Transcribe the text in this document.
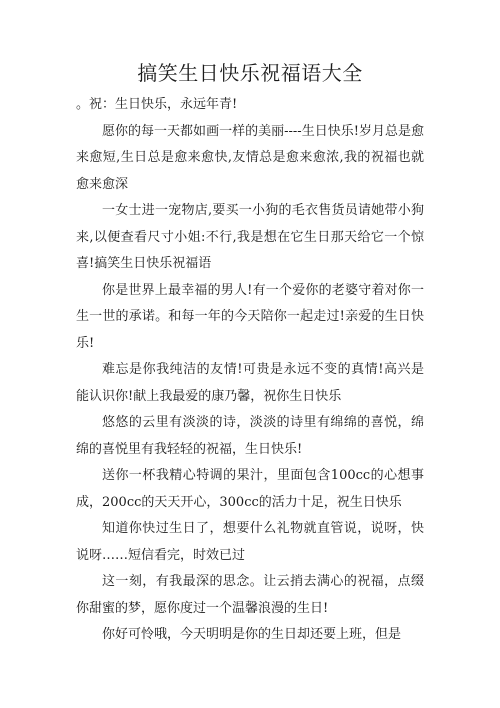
搞笑生日快乐祝福语大全

。祝：生日快乐，永远年青!

愿你的每一天都如画一样的美丽----生日快乐!岁月总是愈来愈短,生日总是愈来愈快,友情总是愈来愈浓,我的祝福也就愈来愈深

一女士进一宠物店,要买一小狗的毛衣售货员请她带小狗来,以便查看尺寸小姐:不行,我是想在它生日那天给它一个惊喜!搞笑生日快乐祝福语

你是世界上最幸福的男人!有一个爱你的老婆守着对你一生一世的承诺。和每一年的今天陪你一起走过!亲爱的生日快乐!

难忘是你我纯洁的友情!可贵是永远不变的真情!高兴是能认识你!献上我最爱的康乃馨，祝你生日快乐

悠悠的云里有淡淡的诗，淡淡的诗里有绵绵的喜悦，绵绵的喜悦里有我轻轻的祝福，生日快乐!

送你一杯我精心特调的果汁，里面包含100cc的心想事成，200cc的天天开心，300cc的活力十足，祝生日快乐

知道你快过生日了，想要什么礼物就直管说，说呀，快说呀……短信看完，时效已过

这一刻，有我最深的思念。让云捎去满心的祝福，点缀你甜蜜的梦，愿你度过一个温馨浪漫的生日!

你好可怜哦，今天明明是你的生日却还要上班，但是
